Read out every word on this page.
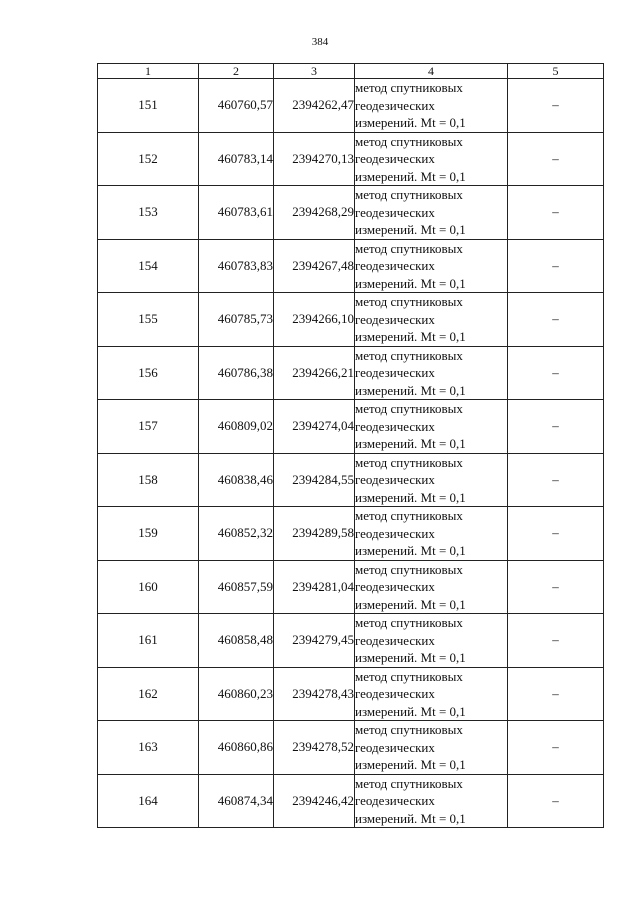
384
1	2	3	4	5
151	460760,57	2394262,47	метод спутниковых
геодезических
измерений. Mt = 0,1	–
152	460783,14	2394270,13	метод спутниковых
геодезических
измерений. Mt = 0,1	–
153	460783,61	2394268,29	метод спутниковых
геодезических
измерений. Mt = 0,1	–
154	460783,83	2394267,48	метод спутниковых
геодезических
измерений. Mt = 0,1	–
155	460785,73	2394266,10	метод спутниковых
геодезических
измерений. Mt = 0,1	–
156	460786,38	2394266,21	метод спутниковых
геодезических
измерений. Mt = 0,1	–
157	460809,02	2394274,04	метод спутниковых
геодезических
измерений. Mt = 0,1	–
158	460838,46	2394284,55	метод спутниковых
геодезических
измерений. Mt = 0,1	–
159	460852,32	2394289,58	метод спутниковых
геодезических
измерений. Mt = 0,1	–
160	460857,59	2394281,04	метод спутниковых
геодезических
измерений. Mt = 0,1	–
161	460858,48	2394279,45	метод спутниковых
геодезических
измерений. Mt = 0,1	–
162	460860,23	2394278,43	метод спутниковых
геодезических
измерений. Mt = 0,1	–
163	460860,86	2394278,52	метод спутниковых
геодезических
измерений. Mt = 0,1	–
164	460874,34	2394246,42	метод спутниковых
геодезических
измерений. Mt = 0,1	–
